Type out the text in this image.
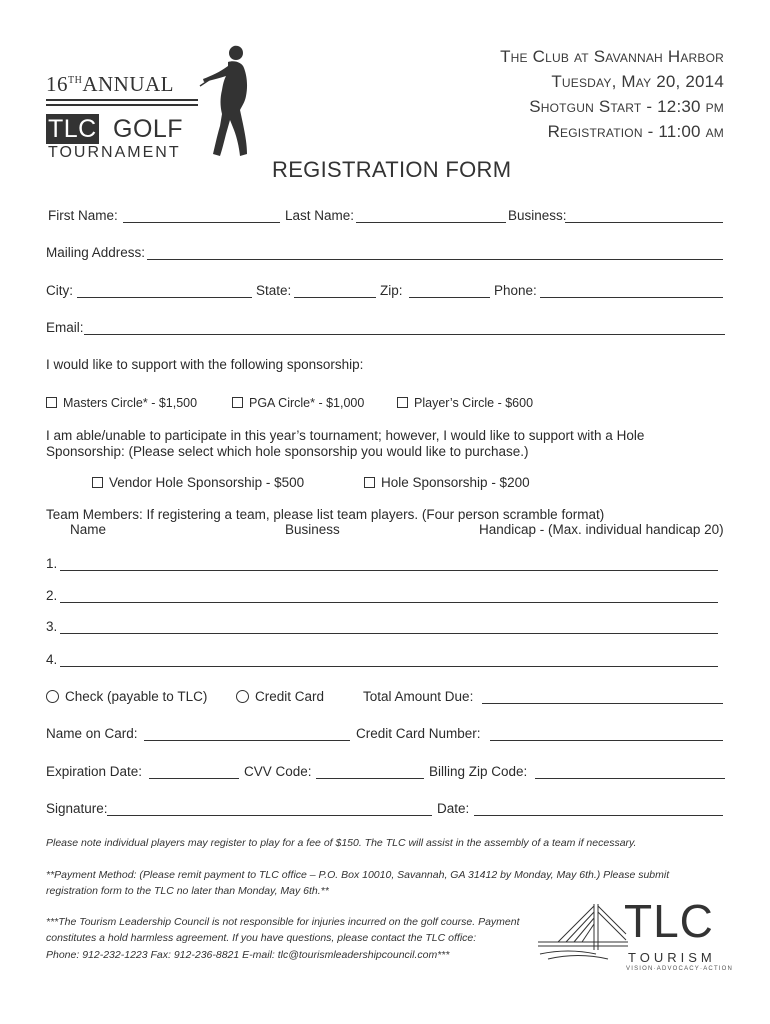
16THANNUAL
TLC GOLF
TOURNAMENT
The Club at Savannah Harbor
Tuesday, May 20, 2014
Shotgun Start - 12:30 pm
Registration - 11:00 am
REGISTRATION FORM
First Name:	Last Name:	Business:
Mailing Address:
City:	State:	Zip:	Phone:
Email:
I would like to support with the following sponsorship:
Masters Circle* - $1,500	PGA Circle* - $1,000	Player’s Circle - $600
I am able/unable to participate in this year’s tournament; however, I would like to support with a Hole
Sponsorship: (Please select which hole sponsorship you would like to purchase.)
Vendor Hole Sponsorship - $500	Hole Sponsorship - $200
Team Members: If registering a team, please list team players. (Four person scramble format)
Name	Business	Handicap - (Max. individual handicap 20)
1.
2.
3.
4.
Check (payable to TLC)	Credit Card	Total Amount Due:
Name on Card:	Credit Card Number:
Expiration Date:	CVV Code:	Billing Zip Code:
Signature:	Date:
Please note individual players may register to play for a fee of $150. The TLC will assist in the assembly of a team if necessary.
**Payment Method: (Please remit payment to TLC office – P.O. Box 10010, Savannah, GA 31412 by Monday, May 6th.) Please submit
registration form to the TLC no later than Monday, May 6th.**
***The Tourism Leadership Council is not responsible for injuries incurred on the golf course. Payment
constitutes a hold harmless agreement. If you have questions, please contact the TLC office:
Phone: 912-232-1223 Fax: 912-236-8821 E-mail: tlc@tourismleadershipcouncil.com***
TLC
TOURISM
VISION·ADVOCACY·ACTION
